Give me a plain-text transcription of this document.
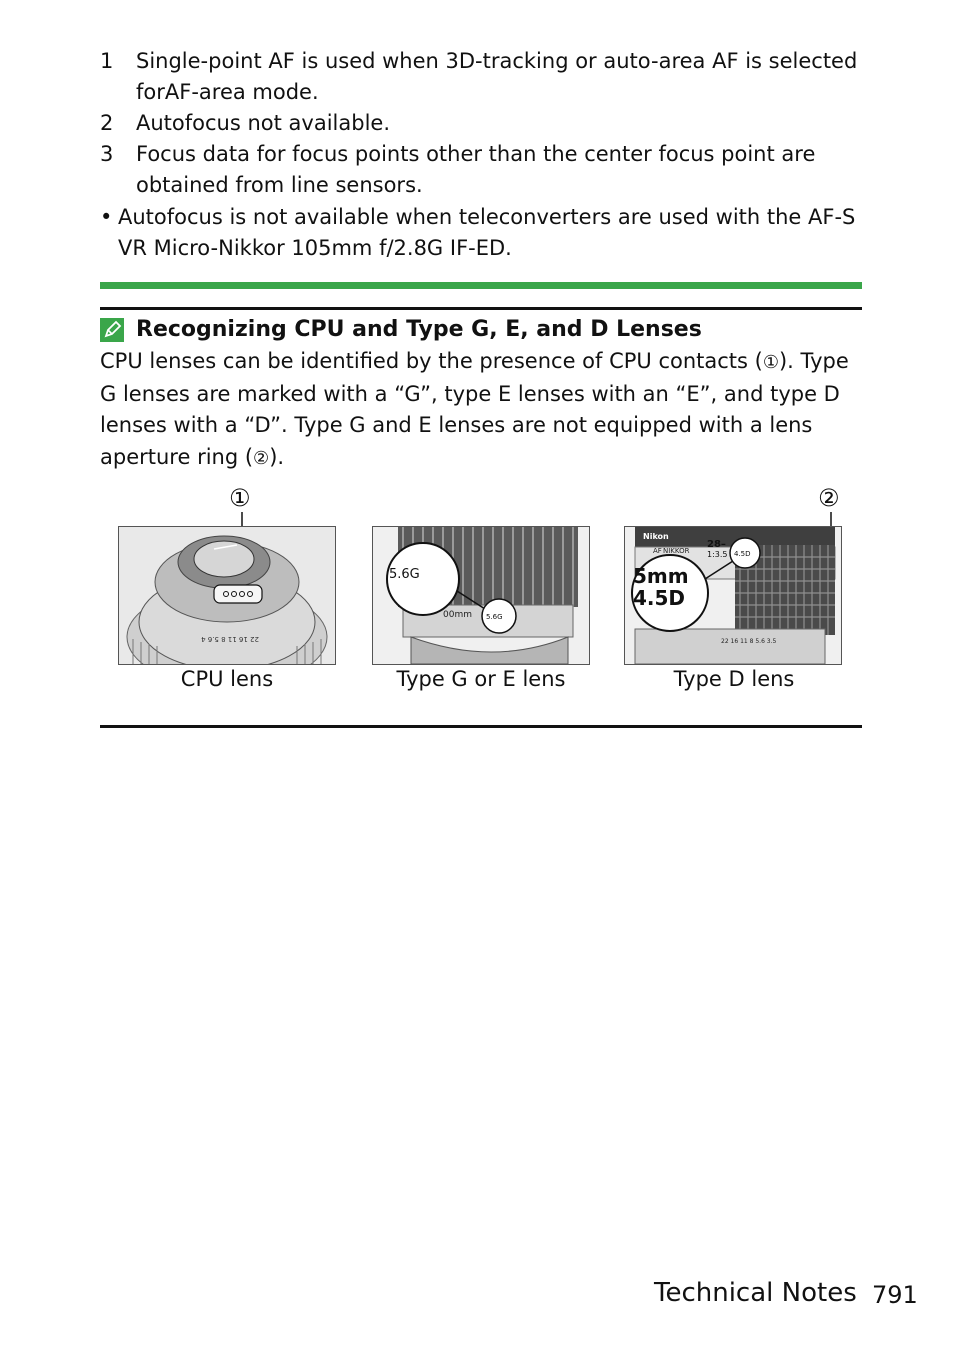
1	Single-point AF is used when 3D-tracking or auto-area AF is selected forAF-area mode.
2	Autofocus not available.
3	Focus data for focus points other than the center focus point are obtained from line sensors.
• Autofocus is not available when teleconverters are used with the AF-S VR Micro-Nikkor 105mm f/2.8G IF-ED.
Recognizing CPU and Type G, E, and D Lenses
CPU lenses can be identified by the presence of CPU contacts (①). Type G lenses are marked with a “G”, type E lenses with an “E”, and type D lenses with a “D”. Type G and E lenses are not equipped with a lens aperture ring (②).
①	②
22 16 11 8 5.6 4
00mm
5.6G
5.6G
Nikon
AF NIKKOR
28–
1:3.5
22 16 11 8 5.6 3.5
5mm
4.5D
4.5D
CPU lens	Type G or E lens	Type D lens
Technical Notes 791
